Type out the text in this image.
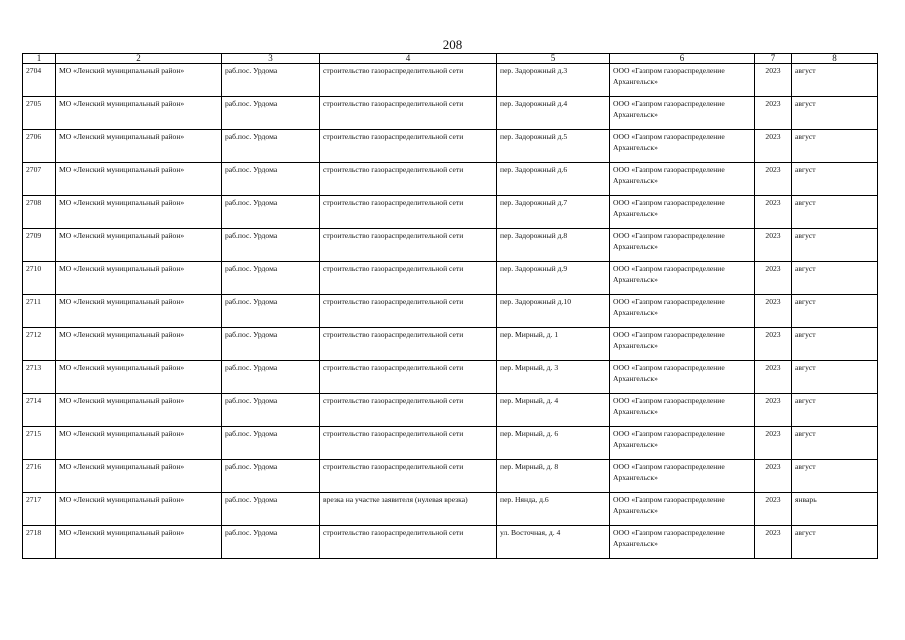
208
1	2	3	4	5	6	7	8
2704	МО «Ленский муниципальный район»	раб.пос. Урдома	строительство газораспределительной сети	пер. Задорожный д.3	ООО «Газпром газораспределение Архангельск»	2023	август
2705	МО «Ленский муниципальный район»	раб.пос. Урдома	строительство газораспределительной сети	пер. Задорожный д.4	ООО «Газпром газораспределение Архангельск»	2023	август
2706	МО «Ленский муниципальный район»	раб.пос. Урдома	строительство газораспределительной сети	пер. Задорожный д.5	ООО «Газпром газораспределение Архангельск»	2023	август
2707	МО «Ленский муниципальный район»	раб.пос. Урдома	строительство газораспределительной сети	пер. Задорожный д.6	ООО «Газпром газораспределение Архангельск»	2023	август
2708	МО «Ленский муниципальный район»	раб.пос. Урдома	строительство газораспределительной сети	пер. Задорожный д.7	ООО «Газпром газораспределение Архангельск»	2023	август
2709	МО «Ленский муниципальный район»	раб.пос. Урдома	строительство газораспределительной сети	пер. Задорожный д.8	ООО «Газпром газораспределение Архангельск»	2023	август
2710	МО «Ленский муниципальный район»	раб.пос. Урдома	строительство газораспределительной сети	пер. Задорожный д.9	ООО «Газпром газораспределение Архангельск»	2023	август
2711	МО «Ленский муниципальный район»	раб.пос. Урдома	строительство газораспределительной сети	пер. Задорожный д.10	ООО «Газпром газораспределение Архангельск»	2023	август
2712	МО «Ленский муниципальный район»	раб.пос. Урдома	строительство газораспределительной сети	пер. Мирный, д. 1	ООО «Газпром газораспределение Архангельск»	2023	август
2713	МО «Ленский муниципальный район»	раб.пос. Урдома	строительство газораспределительной сети	пер. Мирный, д. 3	ООО «Газпром газораспределение Архангельск»	2023	август
2714	МО «Ленский муниципальный район»	раб.пос. Урдома	строительство газораспределительной сети	пер. Мирный, д. 4	ООО «Газпром газораспределение Архангельск»	2023	август
2715	МО «Ленский муниципальный район»	раб.пос. Урдома	строительство газораспределительной сети	пер. Мирный, д. 6	ООО «Газпром газораспределение Архангельск»	2023	август
2716	МО «Ленский муниципальный район»	раб.пос. Урдома	строительство газораспределительной сети	пер. Мирный, д. 8	ООО «Газпром газораспределение Архангельск»	2023	август
2717	МО «Ленский муниципальный район»	раб.пос. Урдома	врезка на участке заявителя (нулевая врезка)	пер. Нянда, д.6	ООО «Газпром газораспределение Архангельск»	2023	январь
2718	МО «Ленский муниципальный район»	раб.пос. Урдома	строительство газораспределительной сети	ул. Восточная, д. 4	ООО «Газпром газораспределение Архангельск»	2023	август
